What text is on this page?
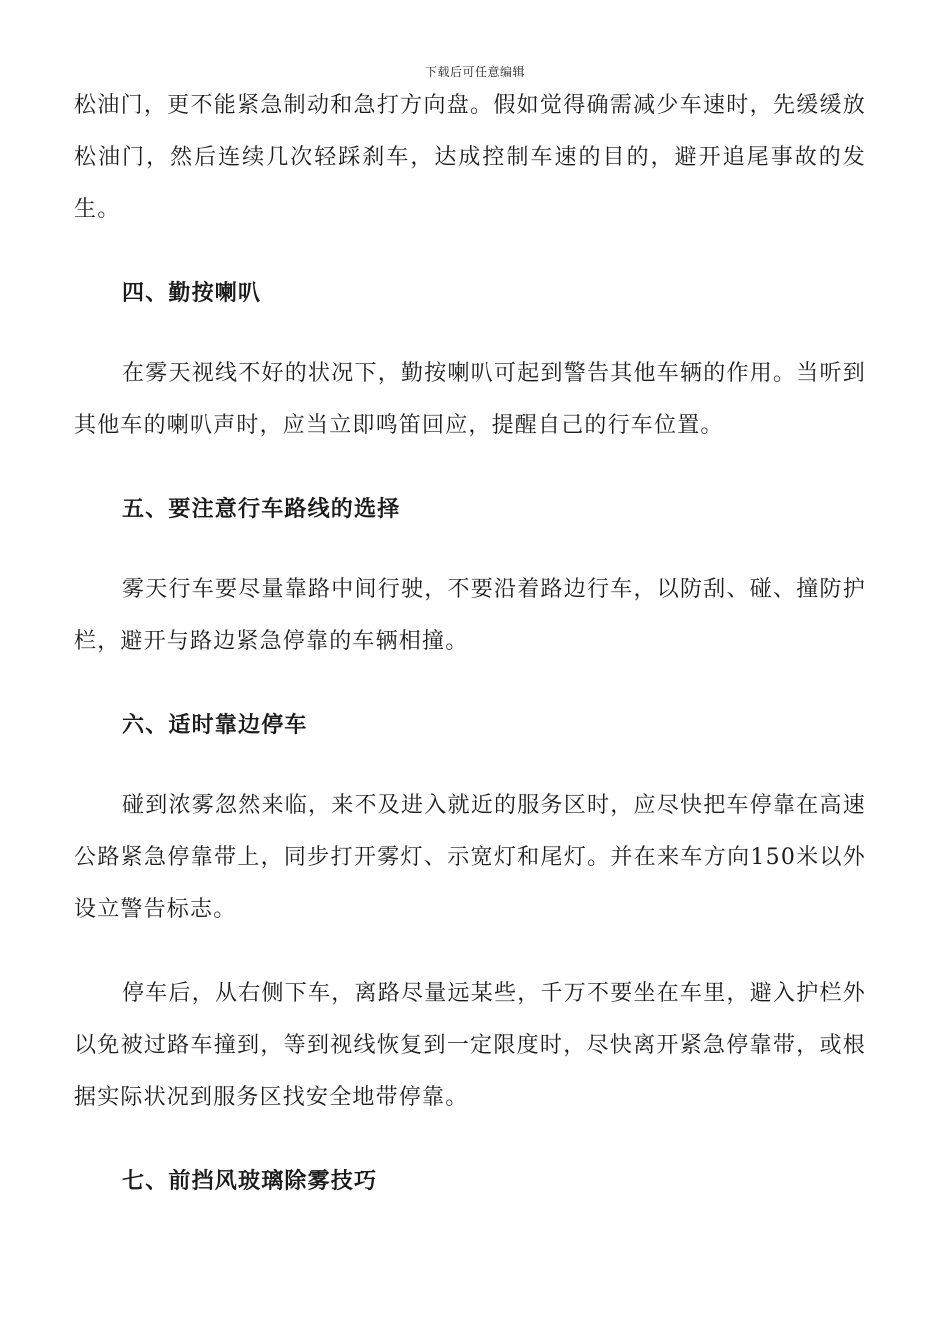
下载后可任意编辑

松油门，更不能紧急制动和急打方向盘。假如觉得确需减少车速时，先缓缓放松油门，然后连续几次轻踩刹车，达成控制车速的目的，避开追尾事故的发生。

四、勤按喇叭

在雾天视线不好的状况下，勤按喇叭可起到警告其他车辆的作用。当听到其他车的喇叭声时，应当立即鸣笛回应，提醒自己的行车位置。

五、要注意行车路线的选择

雾天行车要尽量靠路中间行驶，不要沿着路边行车，以防刮、碰、撞防护栏，避开与路边紧急停靠的车辆相撞。

六、适时靠边停车

碰到浓雾忽然来临，来不及进入就近的服务区时，应尽快把车停靠在高速公路紧急停靠带上，同步打开雾灯、示宽灯和尾灯。并在来车方向150米以外设立警告标志。

停车后，从右侧下车，离路尽量远某些，千万不要坐在车里，避入护栏外以免被过路车撞到，等到视线恢复到一定限度时，尽快离开紧急停靠带，或根据实际状况到服务区找安全地带停靠。

七、前挡风玻璃除雾技巧
